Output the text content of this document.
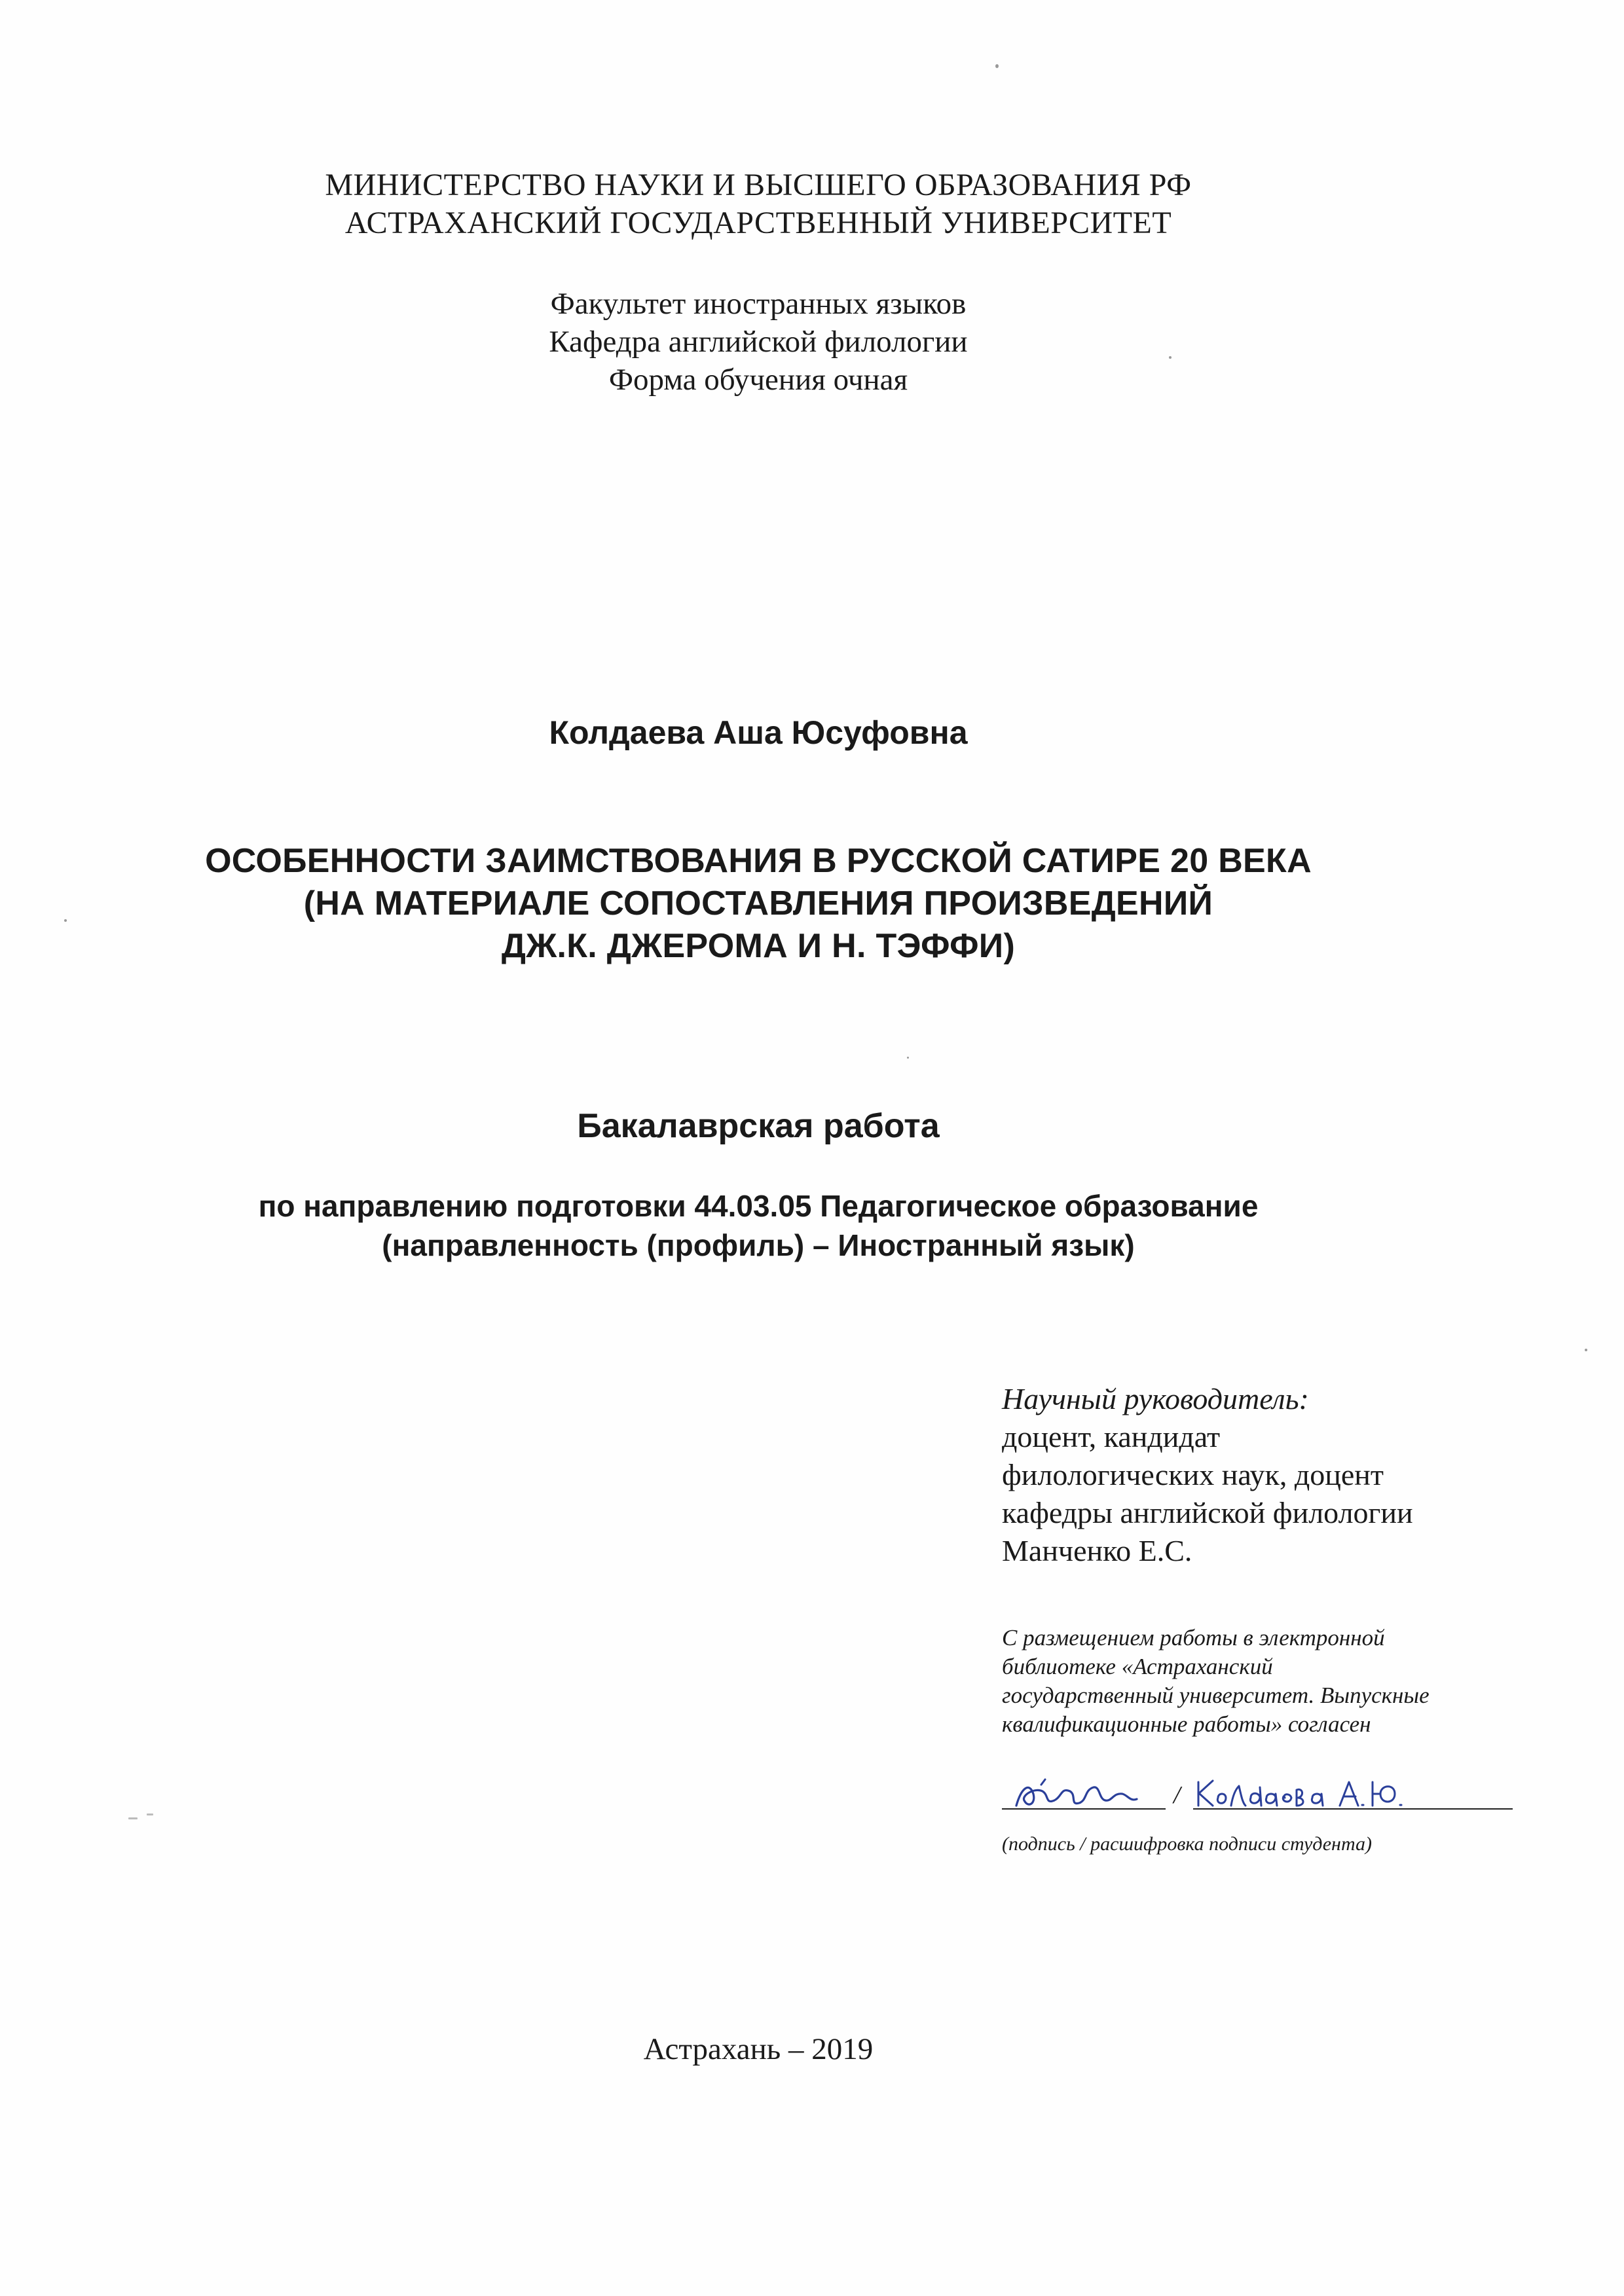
МИНИСТЕРСТВО НАУКИ И ВЫСШЕГО ОБРАЗОВАНИЯ РФ
АСТРАХАНСКИЙ ГОСУДАРСТВЕННЫЙ УНИВЕРСИТЕТ
Факультет иностранных языков
Кафедра английской филологии
Форма обучения очная
Колдаева Аша Юсуфовна
ОСОБЕННОСТИ ЗАИМСТВОВАНИЯ В РУССКОЙ САТИРЕ 20 ВЕКА
(НА МАТЕРИАЛЕ СОПОСТАВЛЕНИЯ ПРОИЗВЕДЕНИЙ
ДЖ.К. ДЖЕРОМА И Н. ТЭФФИ)
Бакалаврская работа
по направлению подготовки 44.03.05 Педагогическое образование
(направленность (профиль) – Иностранный язык)
Научный руководитель:
доцент, кандидат
филологических наук, доцент
кафедры английской филологии
Манченко Е.С.
С размещением работы в электронной
библиотеке «Астраханский
государственный университет. Выпускные
квалификационные работы» согласен
/
(подпись / расшифровка подписи студента)
Астрахань – 2019
